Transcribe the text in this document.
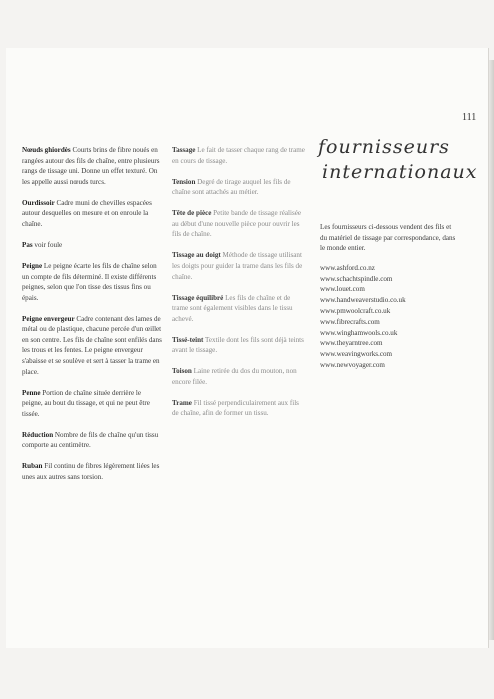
111

Nœuds ghiordès Courts brins de fibre noués en rangées autour des fils de chaîne, entre plusieurs rangs de tissage uni. Donne un effet texturé. On les appelle aussi nœuds turcs.

Ourdissoir Cadre muni de chevilles espacées autour desquelles on mesure et on enroule la chaîne.

Pas voir foule

Peigne Le peigne écarte les fils de chaîne selon un compte de fils déterminé. Il existe différents peignes, selon que l'on tisse des tissus fins ou épais.

Peigne envergeur Cadre contenant des lames de métal ou de plastique, chacune percée d'un œillet en son centre. Les fils de chaîne sont enfilés dans les trous et les fentes. Le peigne envergeur s'abaisse et se soulève et sert à tasser la trame en place.

Penne Portion de chaîne située derrière le peigne, au bout du tissage, et qui ne peut être tissée.

Réduction Nombre de fils de chaîne qu'un tissu comporte au centimètre.

Ruban Fil continu de fibres légèrement liées les unes aux autres sans torsion.

Tassage Le fait de tasser chaque rang de trame en cours de tissage.

Tension Degré de tirage auquel les fils de chaîne sont attachés au métier.

Tête de pièce Petite bande de tissage réalisée au début d'une nouvelle pièce pour ouvrir les fils de chaîne.

Tissage au doigt Méthode de tissage utilisant les doigts pour guider la trame dans les fils de chaîne.

Tissage équilibré Les fils de chaîne et de trame sont également visibles dans le tissu achevé.

Tissé-teint Textile dont les fils sont déjà teints avant le tissage.

Toison Laine retirée du dos du mouton, non encore filée.

Trame Fil tissé perpendiculairement aux fils de chaîne, afin de former un tissu.

fournisseurs
internationaux

Les fournisseurs ci-dessous vendent des fils et du matériel de tissage par correspondance, dans le monde entier.

www.ashford.co.nz
www.schachtspindle.com
www.louet.com
www.handweaverstudio.co.uk
www.pmwoolcraft.co.uk
www.fibrecrafts.com
www.winghamwools.co.uk
www.theyarntree.com
www.weavingworks.com
www.newvoyager.com
